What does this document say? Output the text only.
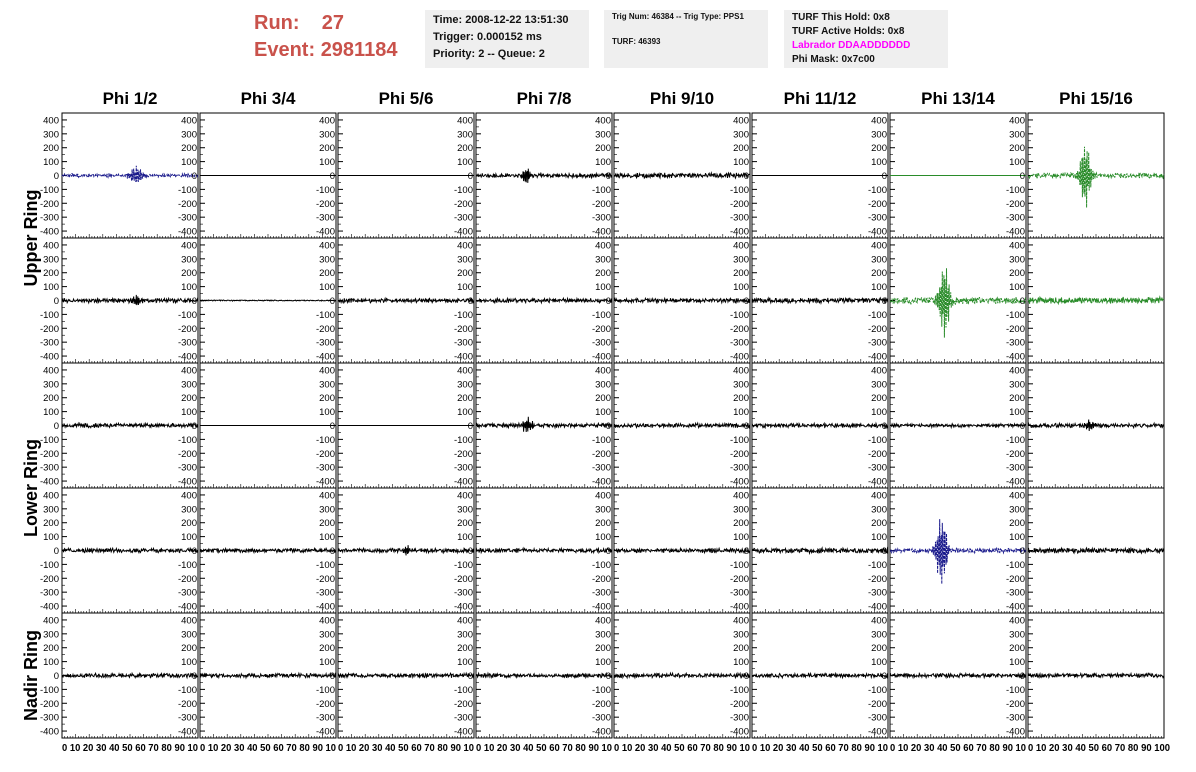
Run: 27
Event: 2981184
Time: 2008-12-22 13:51:30
Trigger: 0.000152 ms
Priority: 2 -- Queue: 2
Trig Num: 46384 -- Trig Type: PPS1
TURF: 46393
TURF This Hold: 0x8
TURF Active Holds: 0x8
Labrador DDAADDDDDD
Phi Mask: 0x7c00
Phi 1/2	Phi 3/4	Phi 5/6	Phi 7/8	Phi 9/10	Phi 11/12	Phi 13/14	Phi 15/16
Upper Ring
Lower Ring
Nadir Ring
400
300
200
100
0
-100
-200
-300
-400
400
300
200
100
0
-100
-200
-300
-400
400
300
200
100
0
-100
-200
-300
-400
400
300
200
100
0
-100
-200
-300
-400
400
300
200
100
0
-100
-200
-300
-400
400
300
200
100
0
-100
-200
-300
-400
400
300
200
100
0
-100
-200
-300
-400
400
300
200
100
0
-100
-200
-300
-400
400
300
200
100
0
-100
-200
-300
-400
400
300
200
100
0
-100
-200
-300
-400
400
300
200
100
0
-100
-200
-300
-400
400
300
200
100
0
-100
-200
-300
-400
400
300
200
100
0
-100
-200
-300
-400
400
300
200
100
0
-100
-200
-300
-400
400
300
200
100
0
-100
-200
-300
-400
400
300
200
100
0
-100
-200
-300
-400
400
300
200
100
0
-100
-200
-300
-400
400
300
200
100
0
-100
-200
-300
-400
400
300
200
100
0
-100
-200
-300
-400
400
300
200
100
0
-100
-200
-300
-400
400
300
200
100
0
-100
-200
-300
-400
400
300
200
100
0
-100
-200
-300
-400
400
300
200
100
0
-100
-200
-300
-400
400
300
200
100
0
-100
-200
-300
-400
400
300
200
100
0
-100
-200
-300
-400
400
300
200
100
0
-100
-200
-300
-400
400
300
200
100
0
-100
-200
-300
-400
400
300
200
100
0
-100
-200
-300
-400
400
300
200
100
0
-100
-200
-300
-400
400
300
200
100
0
-100
-200
-300
-400
400
300
200
100
0
-100
-200
-300
-400
400
300
200
100
0
-100
-200
-300
-400
400
300
200
100
0
-100
-200
-300
-400
400
300
200
100
0
-100
-200
-300
-400
400
300
200
100
0
-100
-200
-300
-400
400
300
200
100
0
-100
-200
-300
-400
400
300
200
100
0
-100
-200
-300
-400
400
300
200
100
0
-100
-200
-300
-400
400
300
200
100
0
-100
-200
-300
-400
400
300
200
100
0
-100
-200
-300
-400
0 10 20 30 40 50 60 70 80 90 10 0 10 20 30 40 50 60 70 80 90 10 0 10 20 30 40 50 60 70 80 90 10 0 10 20 30 40 50 60 70 80 90 10 0 10 20 30 40 50 60 70 80 90 10 0 10 20 30 40 50 60 70 80 90 10 0 10 20 30 40 50 60 70 80 90 10 0 10 20 30 40 50 60 70 80 90 100
